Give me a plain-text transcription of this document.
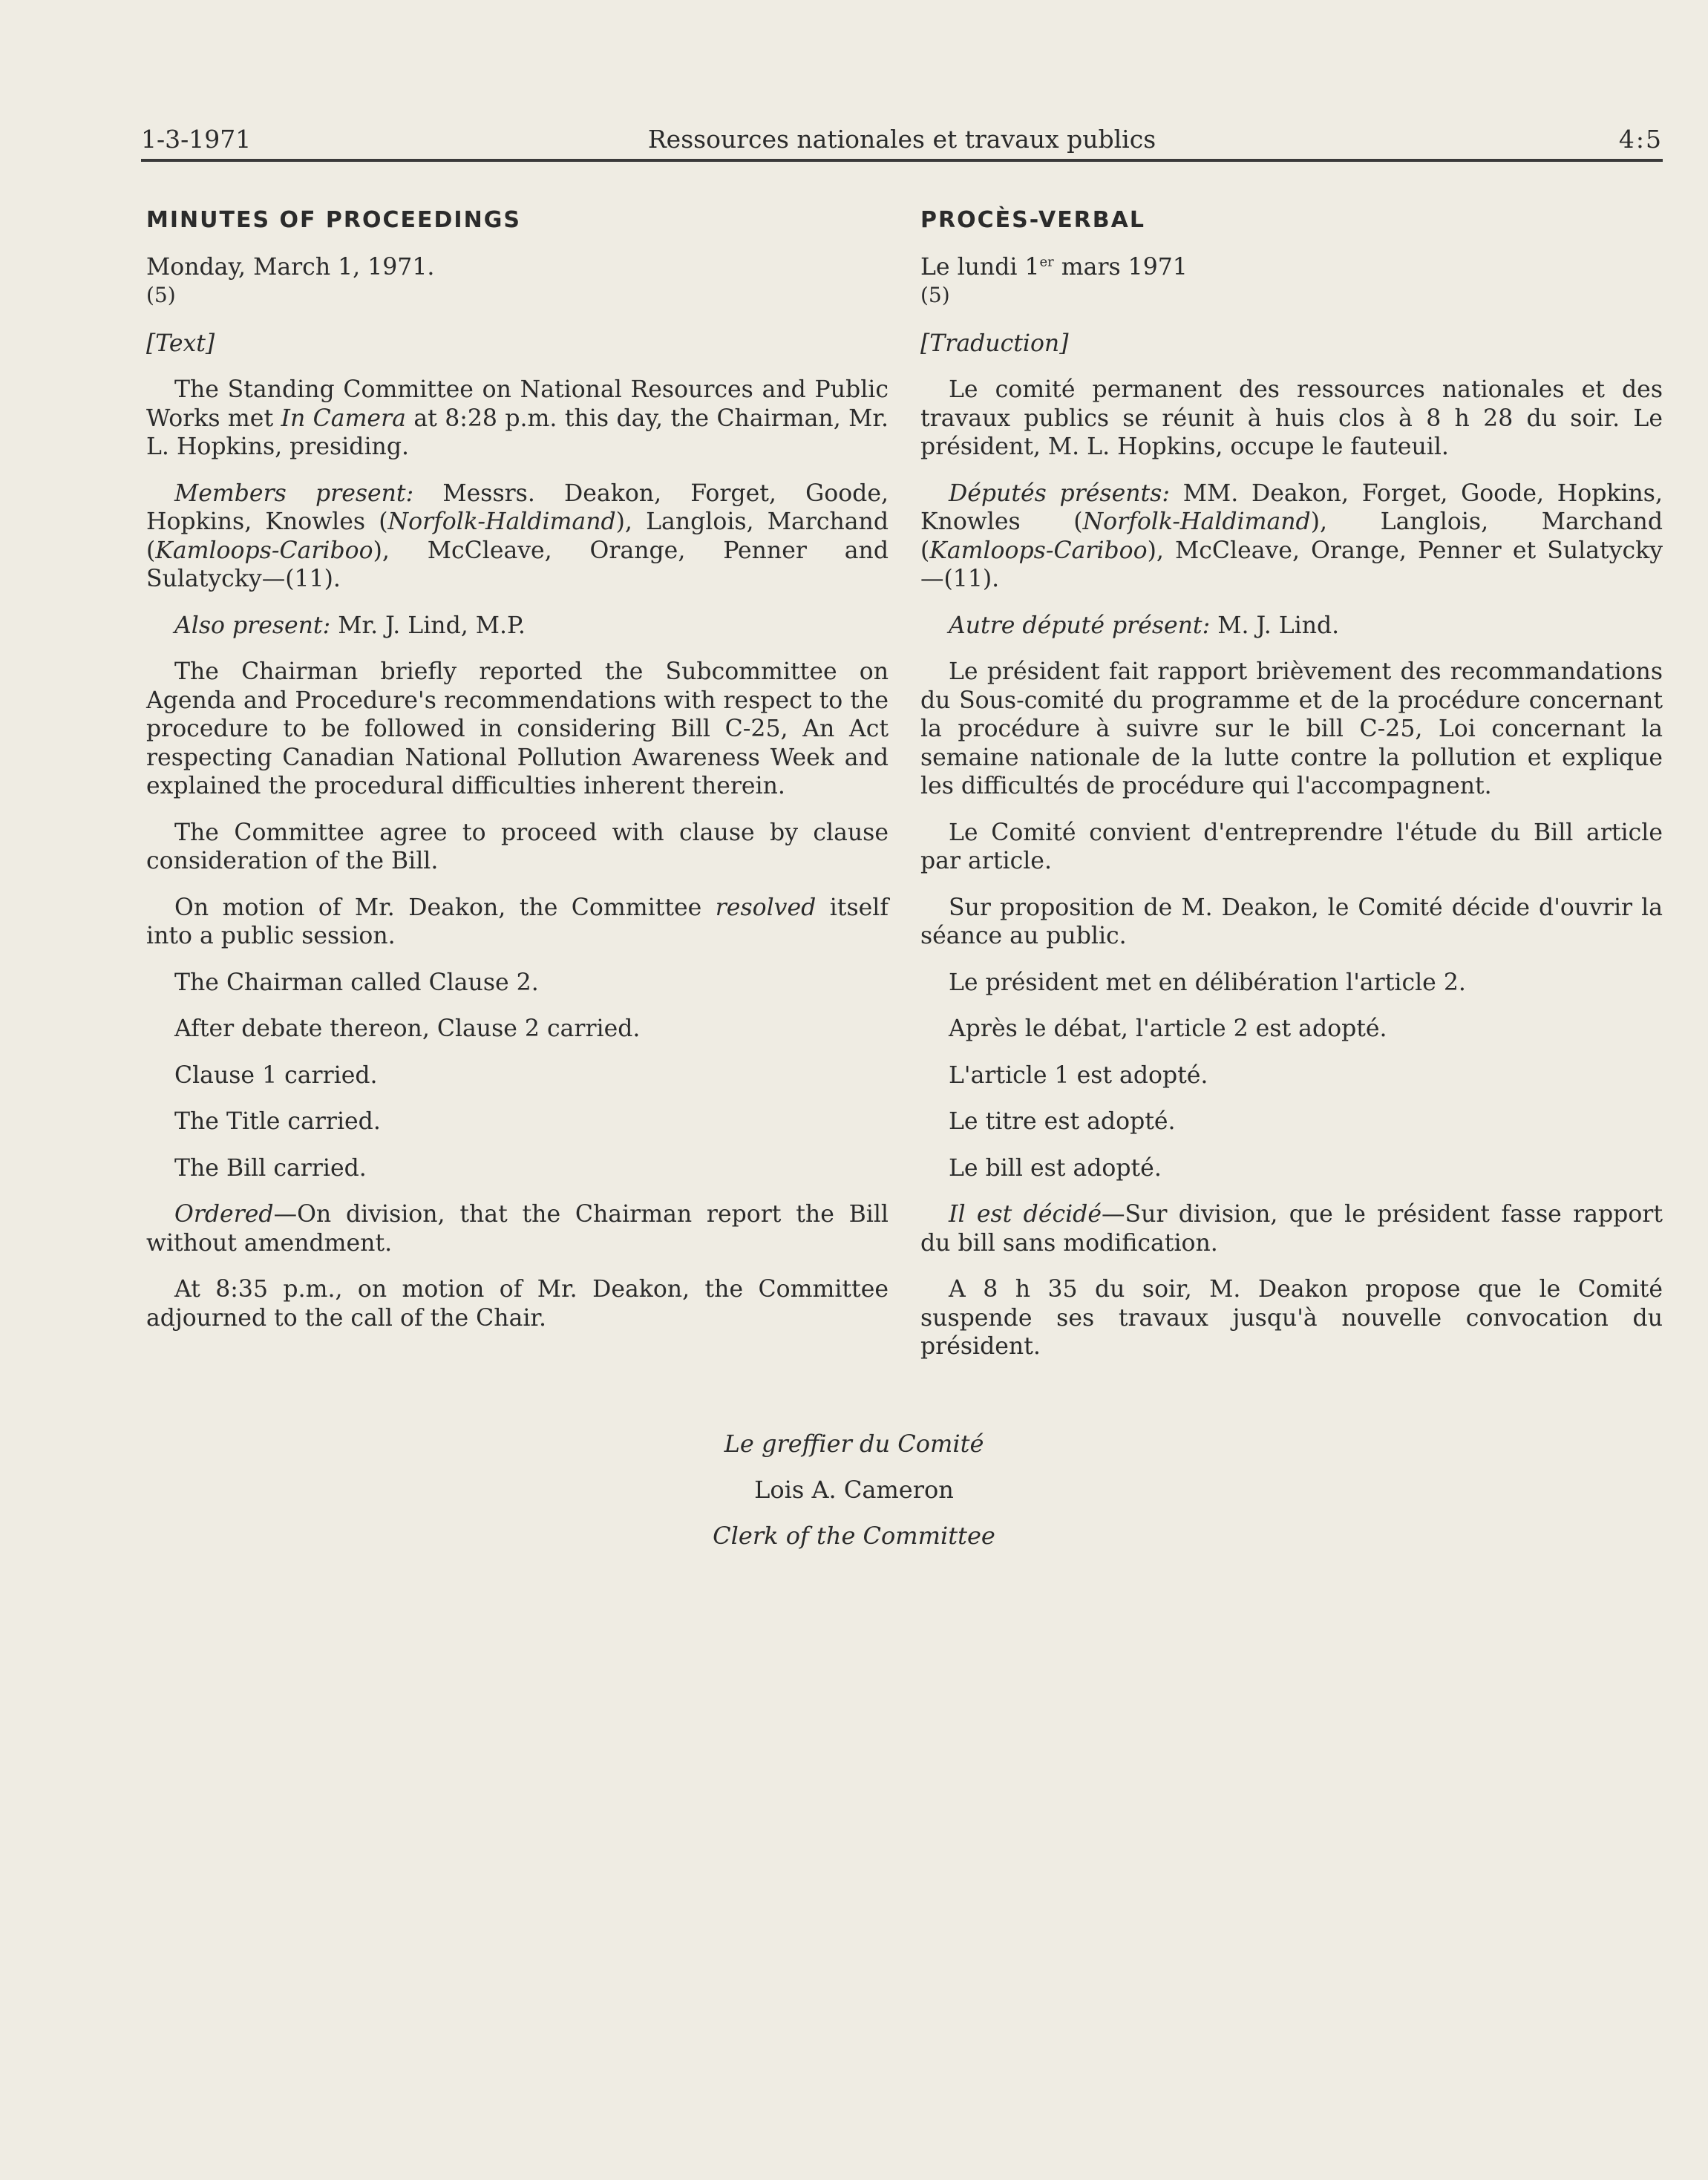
1-3-1971	Ressources nationales et travaux publics	4:5
MINUTES OF PROCEEDINGS
Monday, March 1, 1971.
(5)
[Text]

The Standing Committee on National Resources and Public Works met In Camera at 8:28 p.m. this day, the Chairman, Mr. L. Hopkins, presiding.

Members present: Messrs. Deakon, Forget, Goode, Hopkins, Knowles (Norfolk-Haldimand), Langlois, Marchand (Kamloops-Cariboo), McCleave, Orange, Penner and Sulatycky—(11).

Also present: Mr. J. Lind, M.P.

The Chairman briefly reported the Subcommittee on Agenda and Procedure's recommendations with respect to the procedure to be followed in considering Bill C-25, An Act respecting Canadian National Pollution Awareness Week and explained the procedural difficulties inherent therein.

The Committee agree to proceed with clause by clause consideration of the Bill.

On motion of Mr. Deakon, the Committee resolved itself into a public session.

The Chairman called Clause 2.

After debate thereon, Clause 2 carried.

Clause 1 carried.

The Title carried.

The Bill carried.

Ordered—On division, that the Chairman report the Bill without amendment.

At 8:35 p.m., on motion of Mr. Deakon, the Committee adjourned to the call of the Chair.

PROCÈS-VERBAL
Le lundi 1er mars 1971
(5)
[Traduction]

Le comité permanent des ressources nationales et des travaux publics se réunit à huis clos à 8 h 28 du soir. Le président, M. L. Hopkins, occupe le fauteuil.

Députés présents: MM. Deakon, Forget, Goode, Hopkins, Knowles (Norfolk-Haldimand), Langlois, Marchand (Kamloops-Cariboo), McCleave, Orange, Penner et Sulatycky—(11).

Autre député présent: M. J. Lind.

Le président fait rapport brièvement des recommandations du Sous-comité du programme et de la procédure concernant la procédure à suivre sur le bill C-25, Loi concernant la semaine nationale de la lutte contre la pollution et explique les difficultés de procédure qui l'accompagnent.

Le Comité convient d'entreprendre l'étude du Bill article par article.

Sur proposition de M. Deakon, le Comité décide d'ouvrir la séance au public.

Le président met en délibération l'article 2.

Après le débat, l'article 2 est adopté.

L'article 1 est adopté.

Le titre est adopté.

Le bill est adopté.

Il est décidé—Sur division, que le président fasse rapport du bill sans modification.

A 8 h 35 du soir, M. Deakon propose que le Comité suspende ses travaux jusqu'à nouvelle convocation du président.

Le greffier du Comité
Lois A. Cameron
Clerk of the Committee
